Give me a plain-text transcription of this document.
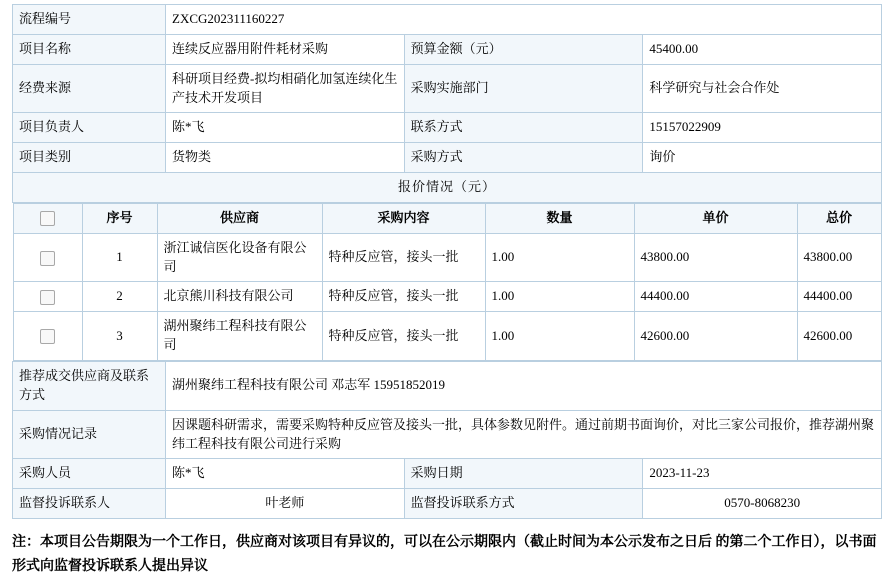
流程编号	ZXCG202311160227
项目名称	连续反应器用附件耗材采购	预算金额（元）	45400.00
经费来源	科研项目经费-拟均相硝化加氢连续化生产技术开发项目	采购实施部门	科学研究与社会合作处
项目负责人	陈*飞	联系方式	15157022909
项目类别	货物类	采购方式	询价
报价情况（元）

	序号	供应商	采购内容	数量	单价	总价
	1	浙江诚信医化设备有限公司	特种反应管，接头一批	1.00	43800.00	43800.00
	2	北京熊川科技有限公司	特种反应管，接头一批	1.00	44400.00	44400.00
	3	湖州聚纬工程科技有限公司	特种反应管，接头一批	1.00	42600.00	42600.00

推荐成交供应商及联系方式	湖州聚纬工程科技有限公司 邓志军 15951852019
采购情况记录	因课题科研需求，需要采购特种反应管及接头一批，具体参数见附件。通过前期书面询价，对比三家公司报价，推荐湖州聚纬工程科技有限公司进行采购
采购人员	陈*飞	采购日期	2023-11-23
监督投诉联系人	叶老师	监督投诉联系方式	0570-8068230
注：本项目公告期限为一个工作日，供应商对该项目有异议的，可以在公示期限内（截止时间为本公示发布之日后 的第二个工作日），以书面形式向监督投诉联系人提出异议
